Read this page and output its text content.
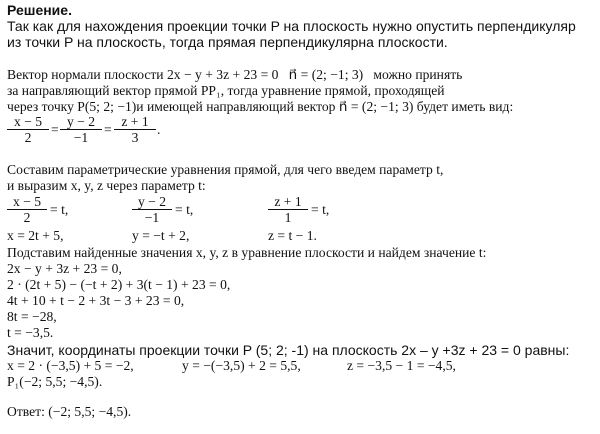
Решение.
Так как для нахождения проекции точки P на плоскость нужно опустить перпендикуляр
из точки P на плоскость, тогда прямая перпендикулярна плоскости.
Вектор нормали плоскости 2x − y + 3z + 23 = 0 n⃗ = (2; −1; 3) можно принять
за направляющий вектор прямой PP₁, тогда уравнение прямой, проходящей
через точку P(5; 2; −1)и имеющей направляющий вектор n⃗ = (2; −1; 3) будет иметь вид:
$\frac{x - 5}{2} = \frac{y - 2}{-1} = \frac{z + 1}{3}$ .
Составим параметрические уравнения прямой, для чего введем параметр t,
и выразим x, y, z через параметр t:
$\frac{x - 5}{2} = t$,	$\frac{y - 2}{-1} = t$,	$\frac{z + 1}{1} = t$,
x = 2t + 5,	y = −t + 2,	z = t − 1.
Подставим найденные значения x, y, z в уравнение плоскости и найдем значение t:
2x − y + 3z + 23 = 0,
2 · (2t + 5) − (−t + 2) + 3(t − 1) + 23 = 0,
4t + 10 + t − 2 + 3t − 3 + 23 = 0,
8t = −28,
t = −3,5.
Значит, координаты проекции точки P (5; 2; -1) на плоскость 2x – y +3z + 23 = 0 равны:
x = 2 · (−3,5) + 5 = −2,	y = −(−3,5) + 2 = 5,5,	z = −3,5 − 1 = −4,5,
P₁(−2; 5,5; −4,5).
Ответ: (−2; 5,5; −4,5).
